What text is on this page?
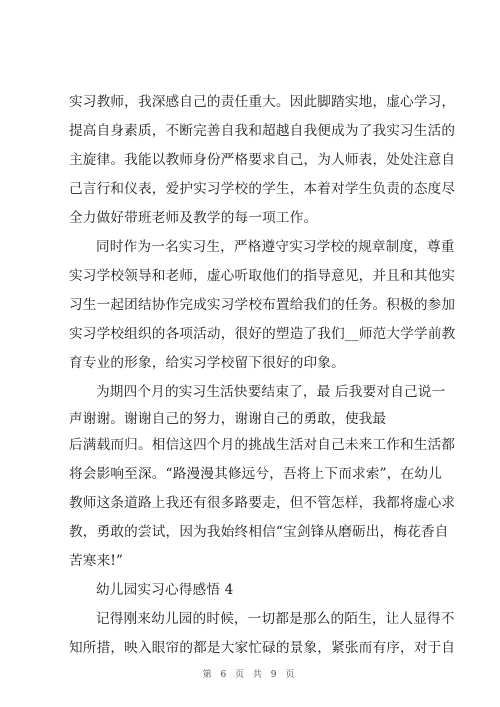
实习教师，我深感自己的责任重大。因此脚踏实地，虚心学习，
提高自身素质，不断完善自我和超越自我便成为了我实习生活的
主旋律。我能以教师身份严格要求自己，为人师表，处处注意自
己言行和仪表，爱护实习学校的学生，本着对学生负责的态度尽
全力做好带班老师及教学的每一项工作。
同时作为一名实习生，严格遵守实习学校的规章制度，尊重
实习学校领导和老师，虚心听取他们的指导意见，并且和其他实
习生一起团结协作完成实习学校布置给我们的任务。积极的参加
实习学校组织的各项活动，很好的塑造了我们__师范大学学前教
育专业的形象，给实习学校留下很好的印象。
为期四个月的实习生活快要结束了，最 后我要对自己说一
声谢谢。谢谢自己的努力，谢谢自己的勇敢，使我最
后满载而归。相信这四个月的挑战生活对自己未来工作和生活都
将会影响至深。“路漫漫其修远兮，吾将上下而求索”，在幼儿
教师这条道路上我还有很多路要走，但不管怎样，我都将虚心求
教，勇敢的尝试，因为我始终相信“宝剑锋从磨砺出，梅花香自
苦寒来!”
幼儿园实习心得感悟 4
记得刚来幼儿园的时候，一切都是那么的陌生，让人显得不
知所措，映入眼帘的都是大家忙碌的景象，紧张而有序，对于自
第 6 页 共 9 页
